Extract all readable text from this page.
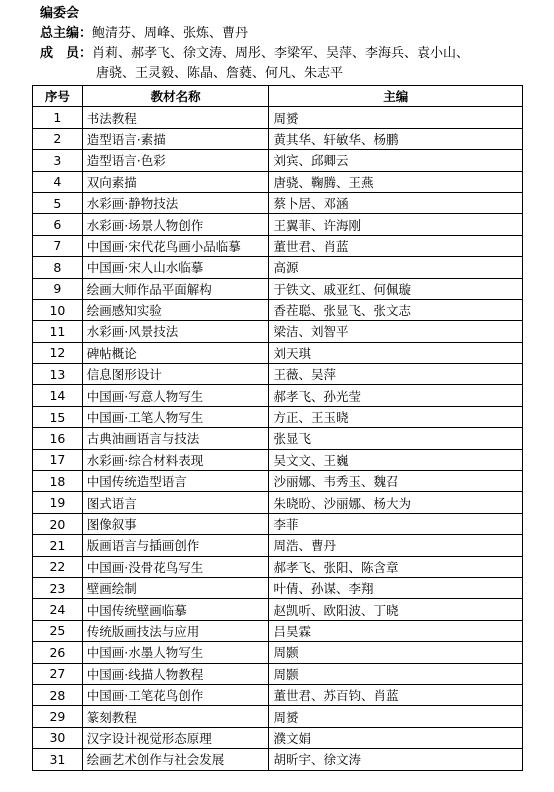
编委会
总主编： 鲍清芬、周峰、张炼、曹丹
成　员： 肖莉、郝孝飞、徐文涛、周彤、李梁军、吴萍、李海兵、袁小山、
唐骁、王灵毅、陈晶、詹蕤、何凡、朱志平
序号	教材名称	主编
1	书法教程	周赟
2	造型语言·素描	黄其华、轩敏华、杨鹏
3	造型语言·色彩	刘宾、邱卿云
4	双向素描	唐骁、鞠腾、王燕
5	水彩画·静物技法	蔡卜居、邓涵
6	水彩画·场景人物创作	王翼菲、许海刚
7	中国画·宋代花鸟画小品临摹	董世君、肖蓝
8	中国画·宋人山水临摹	高源
9	绘画大师作品平面解构	于铁文、戚亚红、何佩璇
10	绘画感知实验	香茬聪、张显飞、张文志
11	水彩画·风景技法	梁洁、刘智平
12	碑帖概论	刘天琪
13	信息图形设计	王薇、吴萍
14	中国画·写意人物写生	郝孝飞、孙光莹
15	中国画·工笔人物写生	方正、王玉晓
16	古典油画语言与技法	张显飞
17	水彩画·综合材料表现	吴文文、王巍
18	中国传统造型语言	沙丽娜、韦秀玉、魏召
19	图式语言	朱晓昐、沙丽娜、杨大为
20	图像叙事	李菲
21	版画语言与插画创作	周浩、曹丹
22	中国画·没骨花鸟写生	郝孝飞、张阳、陈含章
23	壁画绘制	叶倩、孙谋、李翔
24	中国传统壁画临摹	赵凯听、欧阳波、丁晓
25	传统版画技法与应用	吕昊霖
26	中国画·水墨人物写生	周颢
27	中国画·线描人物教程	周颢
28	中国画·工笔花鸟创作	董世君、苏百钧、肖蓝
29	篆刻教程	周赟
30	汉字设计视觉形态原理	濮文娟
31	绘画艺术创作与社会发展	胡昕宇、徐文涛
